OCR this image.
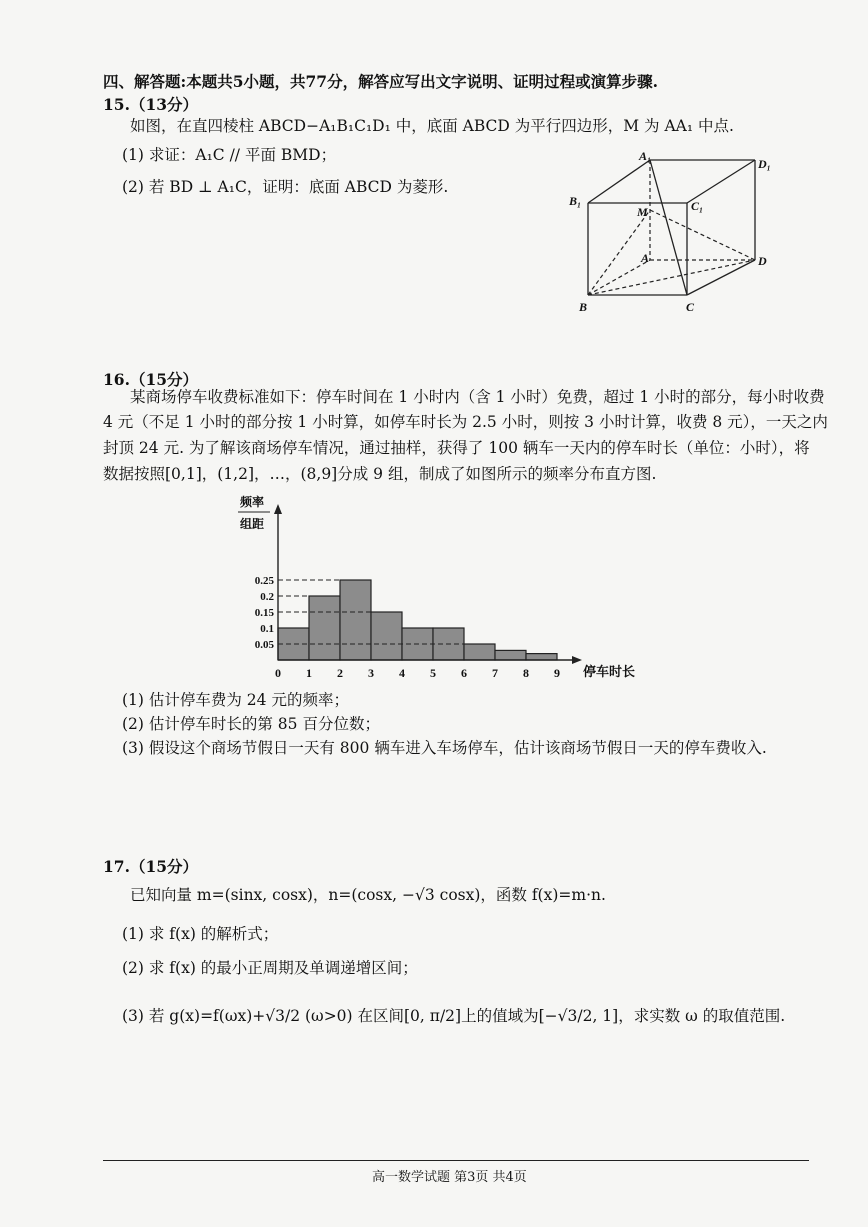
四、解答题:本题共5小题，共77分，解答应写出文字说明、证明过程或演算步骤.
15.（13分）
如图，在直四棱柱 ABCD−A₁B₁C₁D₁ 中，底面 ABCD 为平行四边形，M 为 AA₁ 中点.
(1) 求证：A₁C // 平面 BMD；
(2) 若 BD ⊥ A₁C，证明：底面 ABCD 为菱形.
A₁
D₁
B₁	C₁
M
A	D
B	C
16.（15分）
某商场停车收费标准如下：停车时间在 1 小时内（含 1 小时）免费，超过 1 小时的部分，每小时收费
4 元（不足 1 小时的部分按 1 小时算，如停车时长为 2.5 小时，则按 3 小时计算，收费 8 元），一天之内
封顶 24 元. 为了解该商场停车情况，通过抽样，获得了 100 辆车一天内的停车时长（单位：小时），将
数据按照[0,1]，(1,2]，…，(8,9]分成 9 组，制成了如图所示的频率分布直方图.
频率
组距
0.25
0.2
0.15
0.1
0.05
0 1 2 3 4 5 6 7 8 9 停车时长
(1) 估计停车费为 24 元的频率；
(2) 估计停车时长的第 85 百分位数；
(3) 假设这个商场节假日一天有 800 辆车进入车场停车，估计该商场节假日一天的停车费收入.
17.（15分）
已知向量 m=(sinx, cosx)，n=(cosx, −√3 cosx)，函数 f(x)=m·n.
(1) 求 f(x) 的解析式；
(2) 求 f(x) 的最小正周期及单调递增区间；
(3) 若 g(x)=f(ωx)+√3/2 (ω>0) 在区间[0, π/2]上的值域为[−√3/2, 1]，求实数 ω 的取值范围.
高一数学试题 第3页 共4页
